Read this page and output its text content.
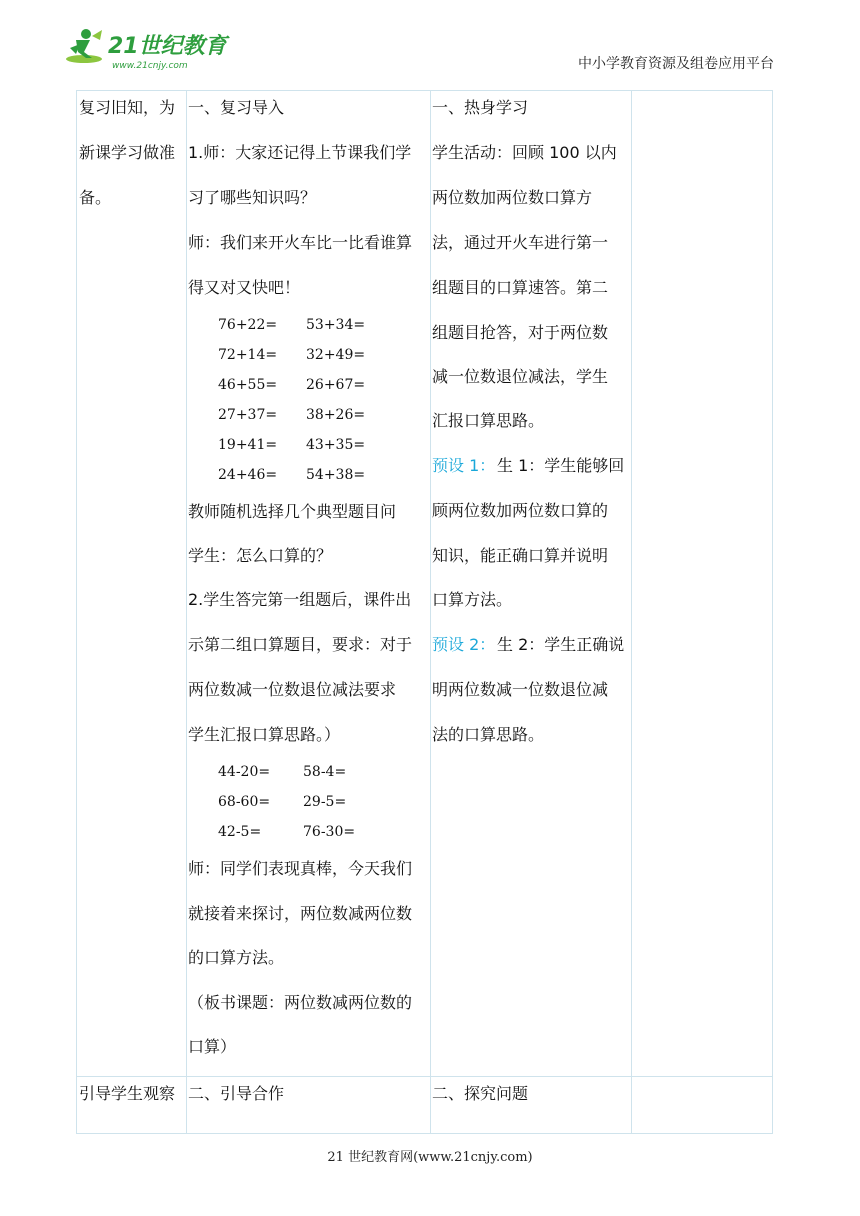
21世纪教育
www.21cnjy.com	中小学教育资源及组卷应用平台
复习旧知，为
新课学习做准
备。
引导学生观察
一、复习导入
1.师：大家还记得上节课我们学
习了哪些知识吗？
师：我们来开火车比一比看谁算
得又对又快吧！
76+22= 53+34=
72+14= 32+49=
46+55= 26+67=
27+37= 38+26=
19+41= 43+35=
24+46= 54+38=
教师随机选择几个典型题目问
学生：怎么口算的？
2.学生答完第一组题后，课件出
示第二组口算题目，要求：对于
两位数减一位数退位减法要求
学生汇报口算思路。）
44-20= 58-4=
68-60= 29-5=
42-5=	76-30=
师：同学们表现真棒，今天我们
就接着来探讨，两位数减两位数
的口算方法。
（板书课题：两位数减两位数的
口算）
二、引导合作
一、热身学习
学生活动：回顾 100 以内
两位数加两位数口算方
法，通过开火车进行第一
组题目的口算速答。第二
组题目抢答，对于两位数
减一位数退位减法，学生
汇报口算思路。
预设 1： 生 1：学生能够回
顾两位数加两位数口算的
知识，能正确口算并说明
口算方法。
预设 2： 生 2：学生正确说
明两位数减一位数退位减
法的口算思路。
二、探究问题
21 世纪教育网(www.21cnjy.com)
